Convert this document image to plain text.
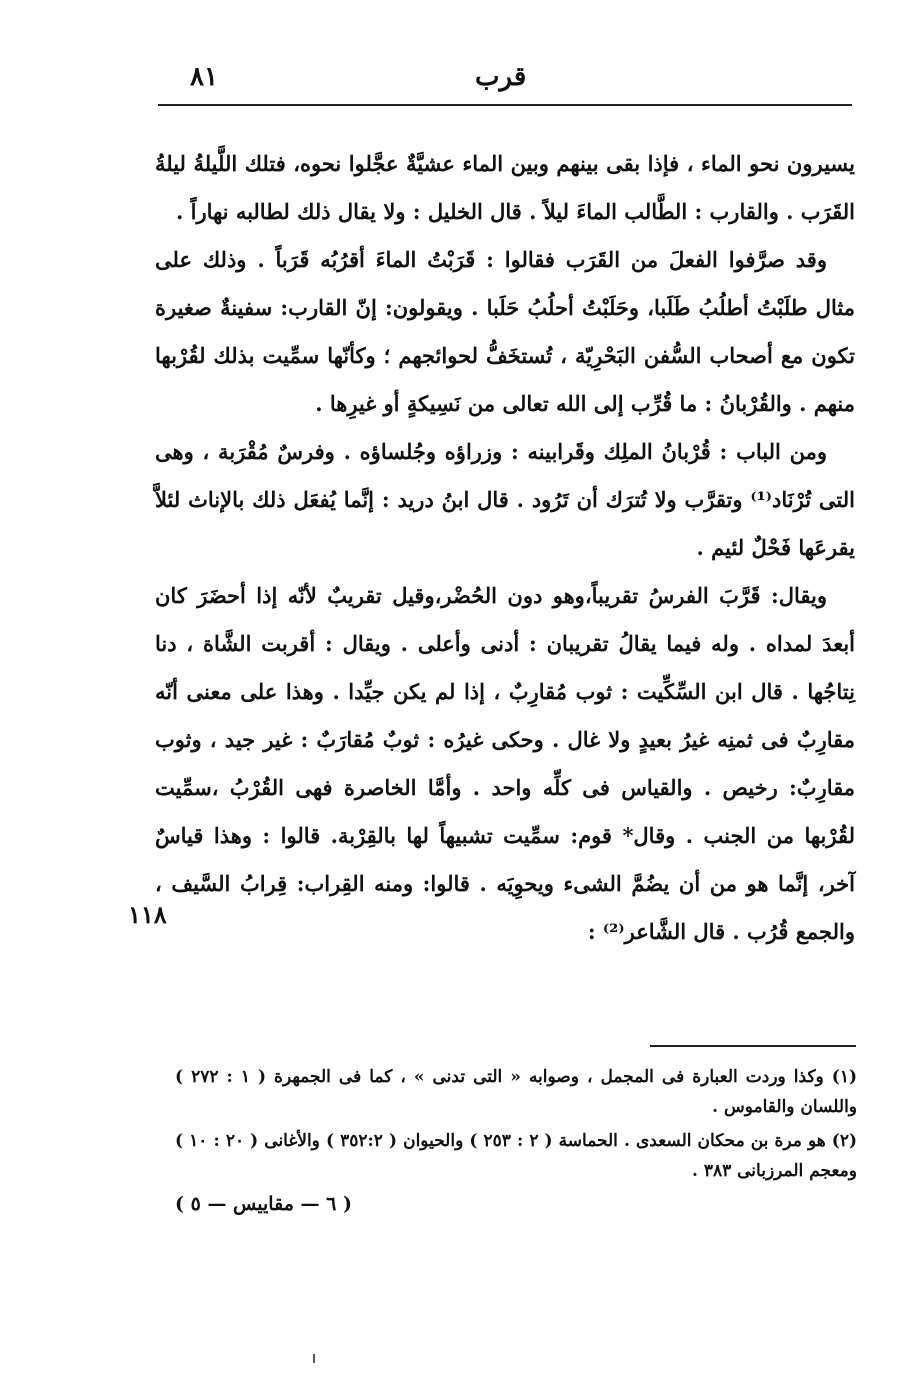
قرب
٨١

يسيرون نحو الماء ، فإذا بقى بينهم وبين الماء عشيَّةٌ عجَّلوا نحوه، فتلك اللَّيلةُ ليلةُ القَرَب . والقارب : الطَّالب الماءَ ليلاً . قال الخليل : ولا يقال ذلك لطالبه نهاراً .

وقد صرَّفوا الفعلَ من القَرَب فقالوا : قَرَبْتُ الماءَ أقرُبُه قَرَباً . وذلك على مثال طلَبْتُ أطلُبُ طَلَبا، وحَلَبْتُ أحلُبُ حَلَبا . ويقولون: إنّ القارب: سفينةٌ صغيرة تكون مع أصحاب السُّفن البَحْرِيّة ، تُستخَفُّ لحوائجهم ؛ وكأنّها سمِّيت بذلك لقُرْبها منهم . والقُرْبانُ : ما قُرِّب إلى الله تعالى من نَسِيكةٍ أو غيرِها .

ومن الباب : قُرْبانُ الملِك وقَرابينه : وزراؤه وجُلساؤه . وفرسٌ مُقْرَبة ، وهى التى تُرْنَاد⁽¹⁾ وتقرَّب ولا تُترَك أن تَرُود . قال ابنُ دريد : إنَّما يُفعَل ذلك بالإناث لئلاَّ يقرعَها فَحْلٌ لئيم .

ويقال: قَرَّبَ الفرسُ تقريباً،وهو دون الحُضْر،وقيل تقريبٌ لأنّه إذا أحضَرَ كان أبعدَ لمداه . وله فيما يقالُ تقريبان : أدنى وأعلى . ويقال : أقربت الشَّاة ، دنا نِتاجُها . قال ابن السِّكِّيت : ثوب مُقارِبٌ ، إذا لم يكن جيِّدا . وهذا على معنى أنّه مقارِبٌ فى ثمنِه غيرُ بعيدٍ ولا غال . وحكى غيرُه : ثوبٌ مُقارَبٌ : غير جيد ، وثوب مقارِبٌ: رخيص . والقياس فى كلِّه واحد . وأمَّا الخاصرة فهى القُرْبُ ،سمِّيت لقُرْبها من الجنب . وقال* قوم: سمِّيت تشبيهاً لها بالقِرْبة. قالوا : وهذا قياسٌ آخر، إنَّما هو من أن يضُمَّ الشىء ويحوِيَه . قالوا: ومنه القِراب: قِرابُ السَّيف ، والجمع قُرُب . قال الشَّاعر⁽²⁾ :

١١٨

(١) وكذا وردت العبارة فى المجمل ، وصوابه « التى تدنى » ، كما فى الجمهرة ( ١ : ٢٧٢ ) واللسان والقاموس .

(٢) هو مرة بن محكان السعدى . الحماسة ( ٢ : ٢٥٣ ) والحيوان ( ٣٥٢:٢ ) والأغانى ( ٢٠ : ١٠ ) ومعجم المرزبانى ٣٨٣ .

( ٦ — مقاييس — ٥ )
